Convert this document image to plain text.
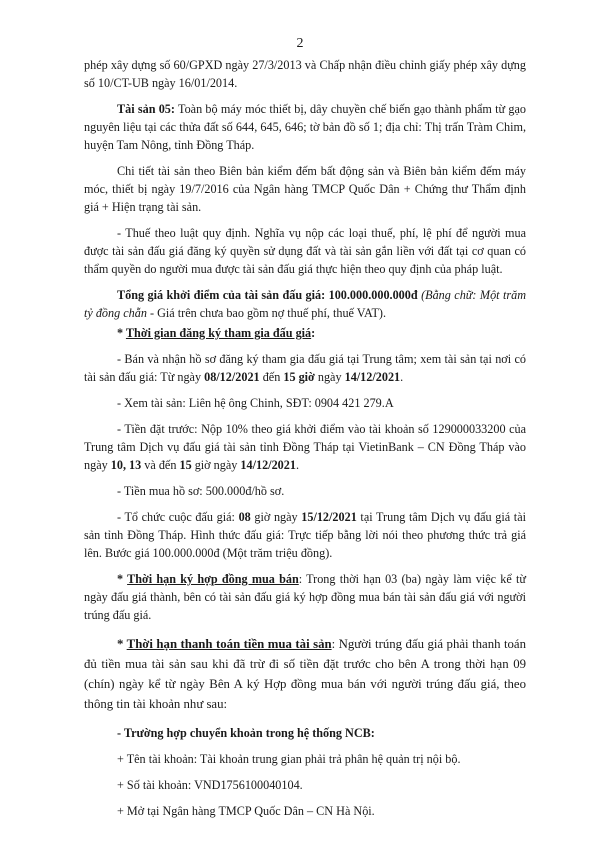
2

phép xây dựng số 60/GPXD ngày 27/3/2013 và Chấp nhận điều chỉnh giấy phép xây dựng số 10/CT-UB ngày 16/01/2014.

Tài sản 05: Toàn bộ máy móc thiết bị, dây chuyền chế biến gạo thành phẩm từ gạo nguyên liệu tại các thửa đất số 644, 645, 646; tờ bản đồ số 1; địa chỉ: Thị trấn Tràm Chim, huyện Tam Nông, tỉnh Đồng Tháp.

Chi tiết tài sản theo Biên bản kiểm đếm bất động sản và Biên bản kiểm đếm máy móc, thiết bị ngày 19/7/2016 của Ngân hàng TMCP Quốc Dân + Chứng thư Thẩm định giá + Hiện trạng tài sản.

- Thuế theo luật quy định. Nghĩa vụ nộp các loại thuế, phí, lệ phí để người mua được tài sản đấu giá đăng ký quyền sử dụng đất và tài sản gắn liền với đất tại cơ quan có thẩm quyền do người mua được tài sản đấu giá thực hiện theo quy định của pháp luật.

Tổng giá khởi điểm của tài sản đấu giá: 100.000.000.000đ (Bằng chữ: Một trăm tỷ đồng chẵn - Giá trên chưa bao gồm nợ thuế phí, thuế VAT).

* Thời gian đăng ký tham gia đấu giá:

- Bán và nhận hồ sơ đăng ký tham gia đấu giá tại Trung tâm; xem tài sản tại nơi có tài sản đấu giá: Từ ngày 08/12/2021 đến 15 giờ ngày 14/12/2021.

- Xem tài sản: Liên hệ ông Chinh, SĐT: 0904 421 279.A

- Tiền đặt trước: Nộp 10% theo giá khởi điểm vào tài khoản số 129000033200 của Trung tâm Dịch vụ đấu giá tài sản tỉnh Đồng Tháp tại VietinBank – CN Đồng Tháp vào ngày 10, 13 và đến 15 giờ ngày 14/12/2021.

- Tiền mua hồ sơ: 500.000đ/hồ sơ.

- Tổ chức cuộc đấu giá: 08 giờ ngày 15/12/2021 tại Trung tâm Dịch vụ đấu giá tài sản tỉnh Đồng Tháp. Hình thức đấu giá: Trực tiếp bằng lời nói theo phương thức trả giá lên. Bước giá 100.000.000đ (Một trăm triệu đồng).

* Thời hạn ký hợp đồng mua bán: Trong thời hạn 03 (ba) ngày làm việc kể từ ngày đấu giá thành, bên có tài sản đấu giá ký hợp đồng mua bán tài sản đấu giá với người trúng đấu giá.

* Thời hạn thanh toán tiền mua tài sản: Người trúng đấu giá phải thanh toán đủ tiền mua tài sản sau khi đã trừ đi số tiền đặt trước cho bên A trong thời hạn 09 (chín) ngày kể từ ngày Bên A ký Hợp đồng mua bán với người trúng đấu giá, theo thông tin tài khoản như sau:

- Trường hợp chuyển khoản trong hệ thống NCB:

+ Tên tài khoản: Tài khoản trung gian phải trả phân hệ quản trị nội bộ.

+ Số tài khoản: VND1756100040104.

+ Mở tại Ngân hàng TMCP Quốc Dân – CN Hà Nội.
